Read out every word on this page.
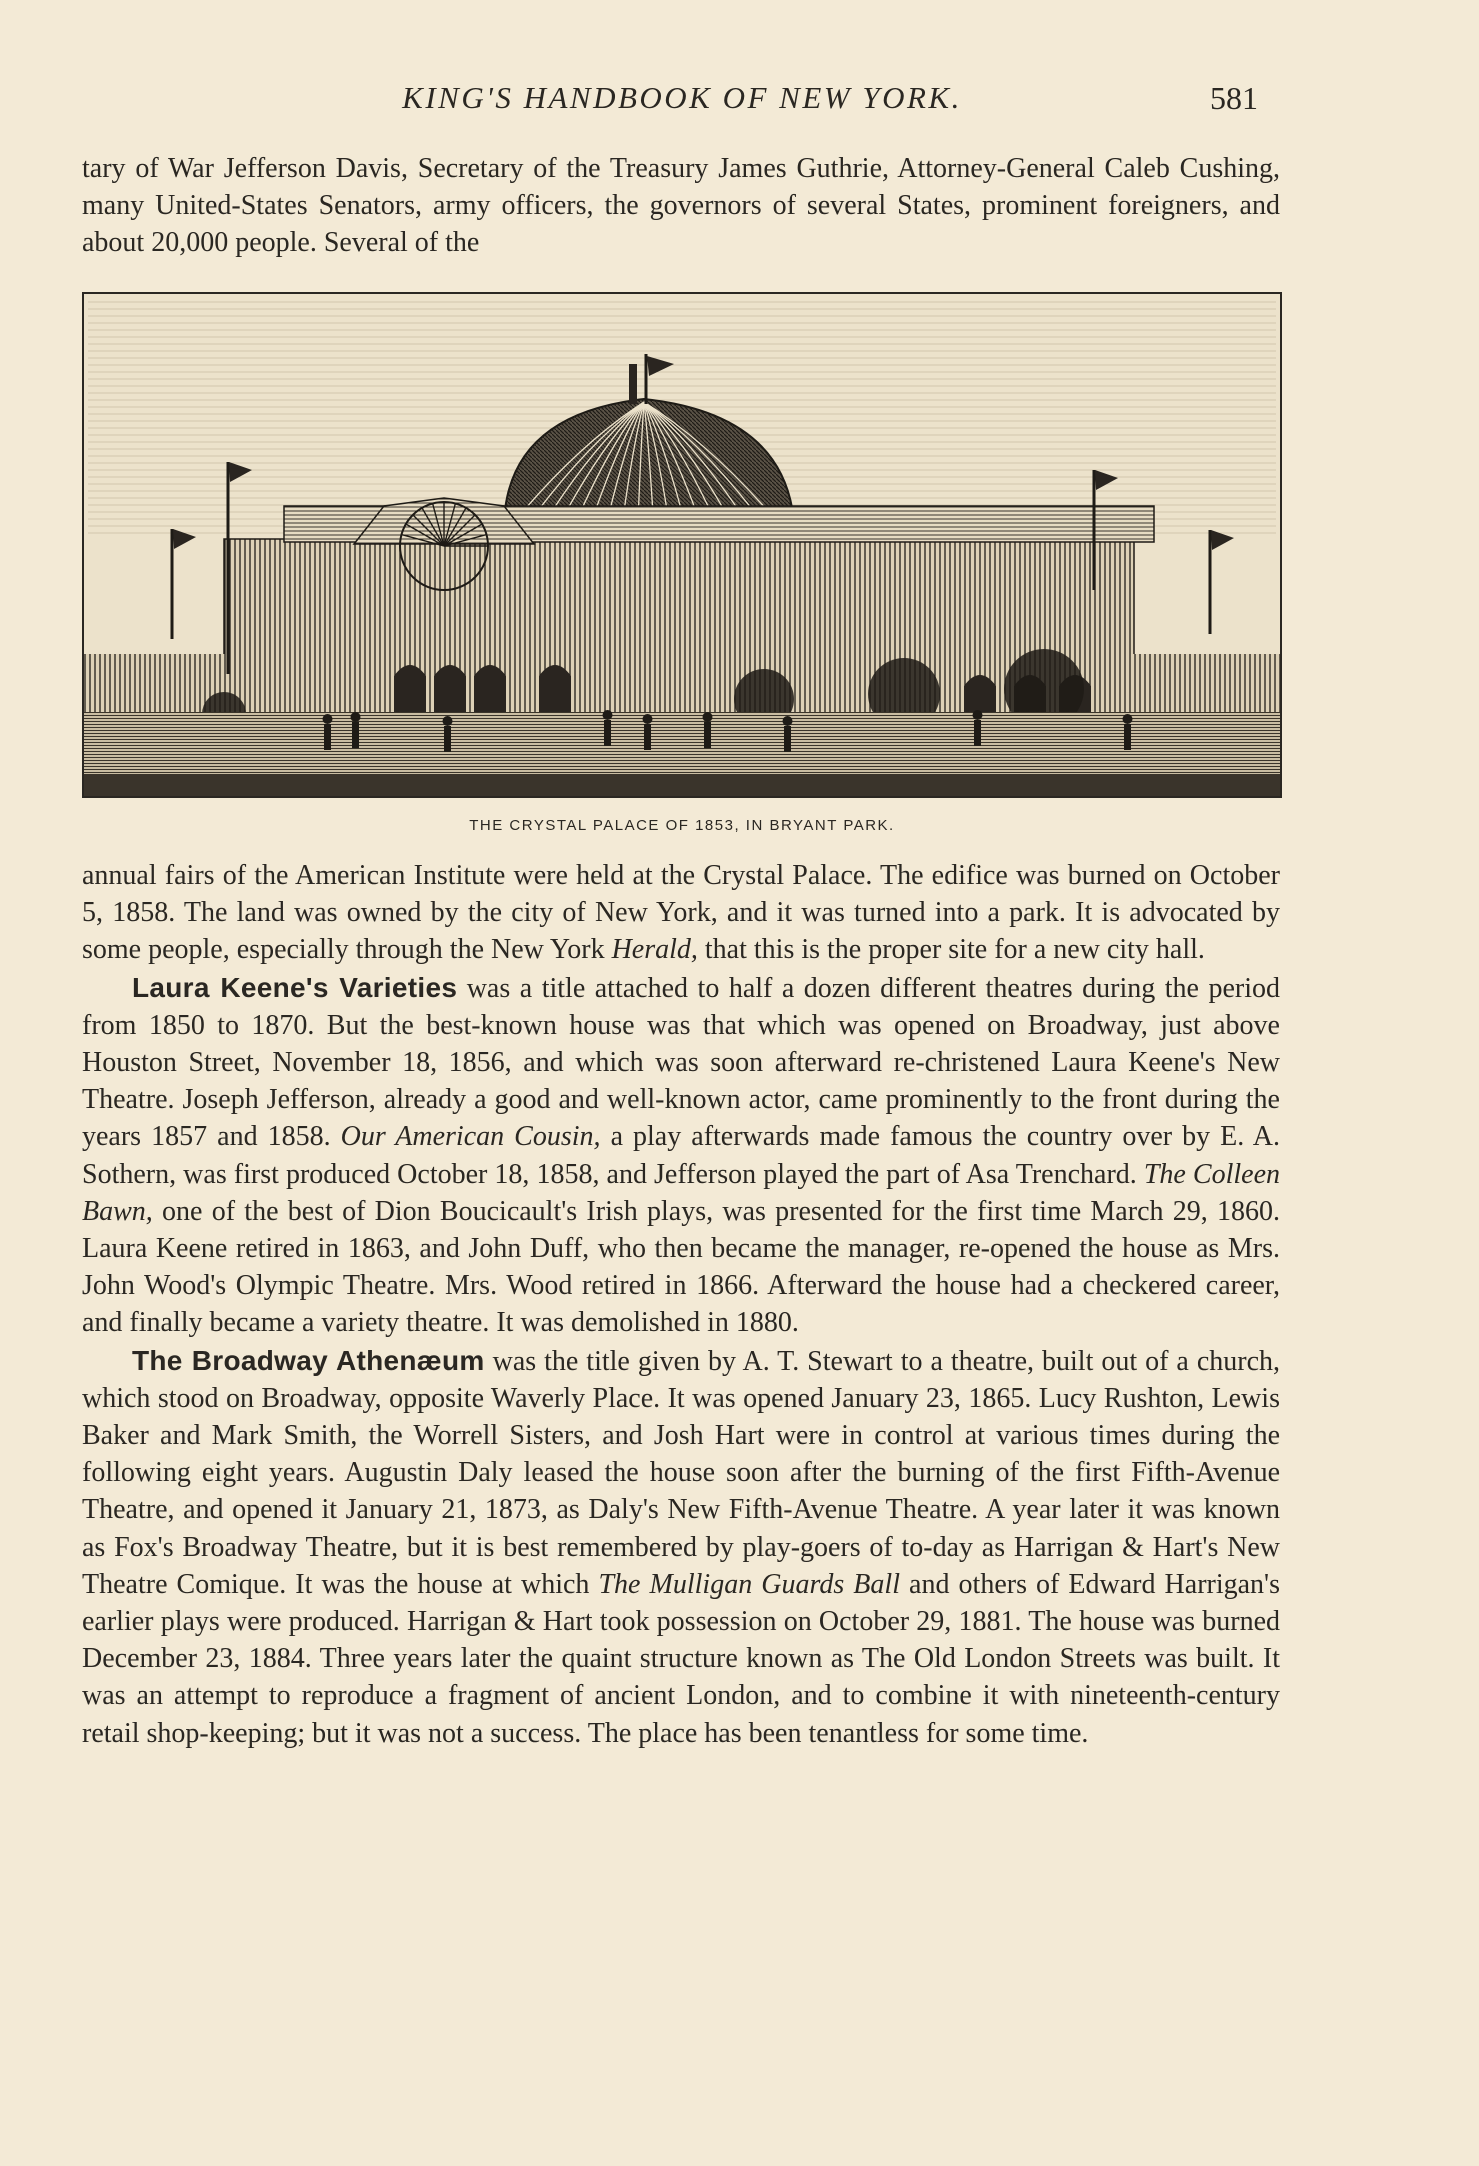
KING'S HANDBOOK OF NEW YORK.	581

tary of War Jefferson Davis, Secretary of the Treasury James Guthrie, Attorney-General Caleb Cushing, many United-States Senators, army officers, the governors of several States, prominent foreigners, and about 20,000 people. Several of the

THE CRYSTAL PALACE OF 1853, IN BRYANT PARK.

annual fairs of the American Institute were held at the Crystal Palace. The edifice was burned on October 5, 1858. The land was owned by the city of New York, and it was turned into a park. It is advocated by some people, especially through the New York Herald, that this is the proper site for a new city hall.

Laura Keene's Varieties was a title attached to half a dozen different theatres during the period from 1850 to 1870. But the best-known house was that which was opened on Broadway, just above Houston Street, November 18, 1856, and which was soon afterward re-christened Laura Keene's New Theatre. Joseph Jefferson, already a good and well-known actor, came prominently to the front during the years 1857 and 1858. Our American Cousin, a play afterwards made famous the country over by E. A. Sothern, was first produced October 18, 1858, and Jefferson played the part of Asa Trenchard. The Colleen Bawn, one of the best of Dion Boucicault's Irish plays, was presented for the first time March 29, 1860. Laura Keene retired in 1863, and John Duff, who then became the manager, re-opened the house as Mrs. John Wood's Olympic Theatre. Mrs. Wood retired in 1866. Afterward the house had a checkered career, and finally became a variety theatre. It was demolished in 1880.

The Broadway Athenæum was the title given by A. T. Stewart to a theatre, built out of a church, which stood on Broadway, opposite Waverly Place. It was opened January 23, 1865. Lucy Rushton, Lewis Baker and Mark Smith, the Worrell Sisters, and Josh Hart were in control at various times during the following eight years. Augustin Daly leased the house soon after the burning of the first Fifth-Avenue Theatre, and opened it January 21, 1873, as Daly's New Fifth-Avenue Theatre. A year later it was known as Fox's Broadway Theatre, but it is best remembered by play-goers of to-day as Harrigan & Hart's New Theatre Comique. It was the house at which The Mulligan Guards Ball and others of Edward Harrigan's earlier plays were produced. Harrigan & Hart took possession on October 29, 1881. The house was burned December 23, 1884. Three years later the quaint structure known as The Old London Streets was built. It was an attempt to reproduce a fragment of ancient London, and to combine it with nineteenth-century retail shop-keeping; but it was not a success. The place has been tenantless for some time.
